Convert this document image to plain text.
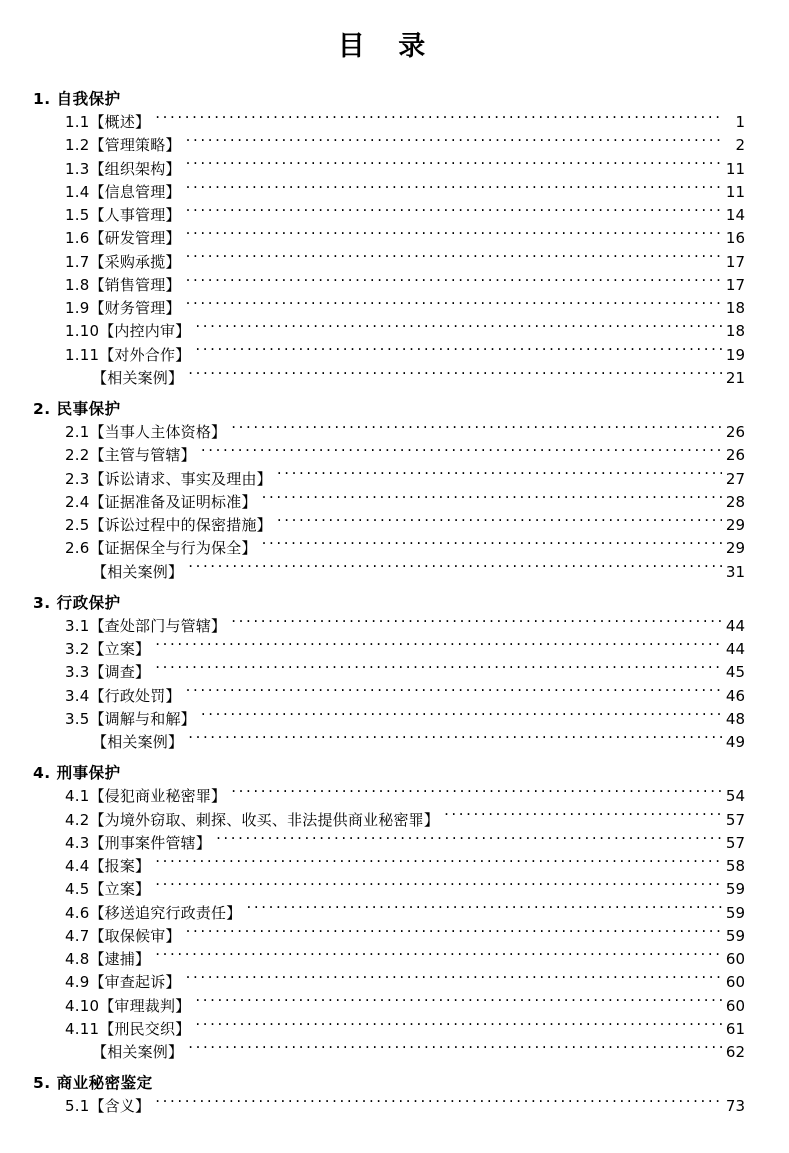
目 录
1. 自我保护
1.1【概述】 .....	1
1.2【管理策略】 .....	2
1.3【组织架构】 .....	11
1.4【信息管理】 .....	11
1.5【人事管理】 .....	14
1.6【研发管理】 .....	16
1.7【采购承揽】 .....	17
1.8【销售管理】 .....	17
1.9【财务管理】 .....	18
1.10【内控内审】 .....	18
1.11【对外合作】 .....	19
【相关案例】 .....	21
2. 民事保护
2.1【当事人主体资格】 .....	26
2.2【主管与管辖】 .....	26
2.3【诉讼请求、事实及理由】 .....	27
2.4【证据准备及证明标准】 .....	28
2.5【诉讼过程中的保密措施】 .....	29
2.6【证据保全与行为保全】 .....	29
【相关案例】 .....	31
3. 行政保护
3.1【查处部门与管辖】 .....	44
3.2【立案】 .....	44
3.3【调查】 .....	45
3.4【行政处罚】 .....	46
3.5【调解与和解】 .....	48
【相关案例】 .....	49
4. 刑事保护
4.1【侵犯商业秘密罪】 .....	54
4.2【为境外窃取、刺探、收买、非法提供商业秘密罪】 .....	57
4.3【刑事案件管辖】 .....	57
4.4【报案】 .....	58
4.5【立案】 .....	59
4.6【移送追究行政责任】 .....	59
4.7【取保候审】 .....	59
4.8【逮捕】 .....	60
4.9【审查起诉】 .....	60
4.10【审理裁判】 .....	60
4.11【刑民交织】 .....	61
【相关案例】 .....	62
5. 商业秘密鉴定
5.1【含义】 .....	73
